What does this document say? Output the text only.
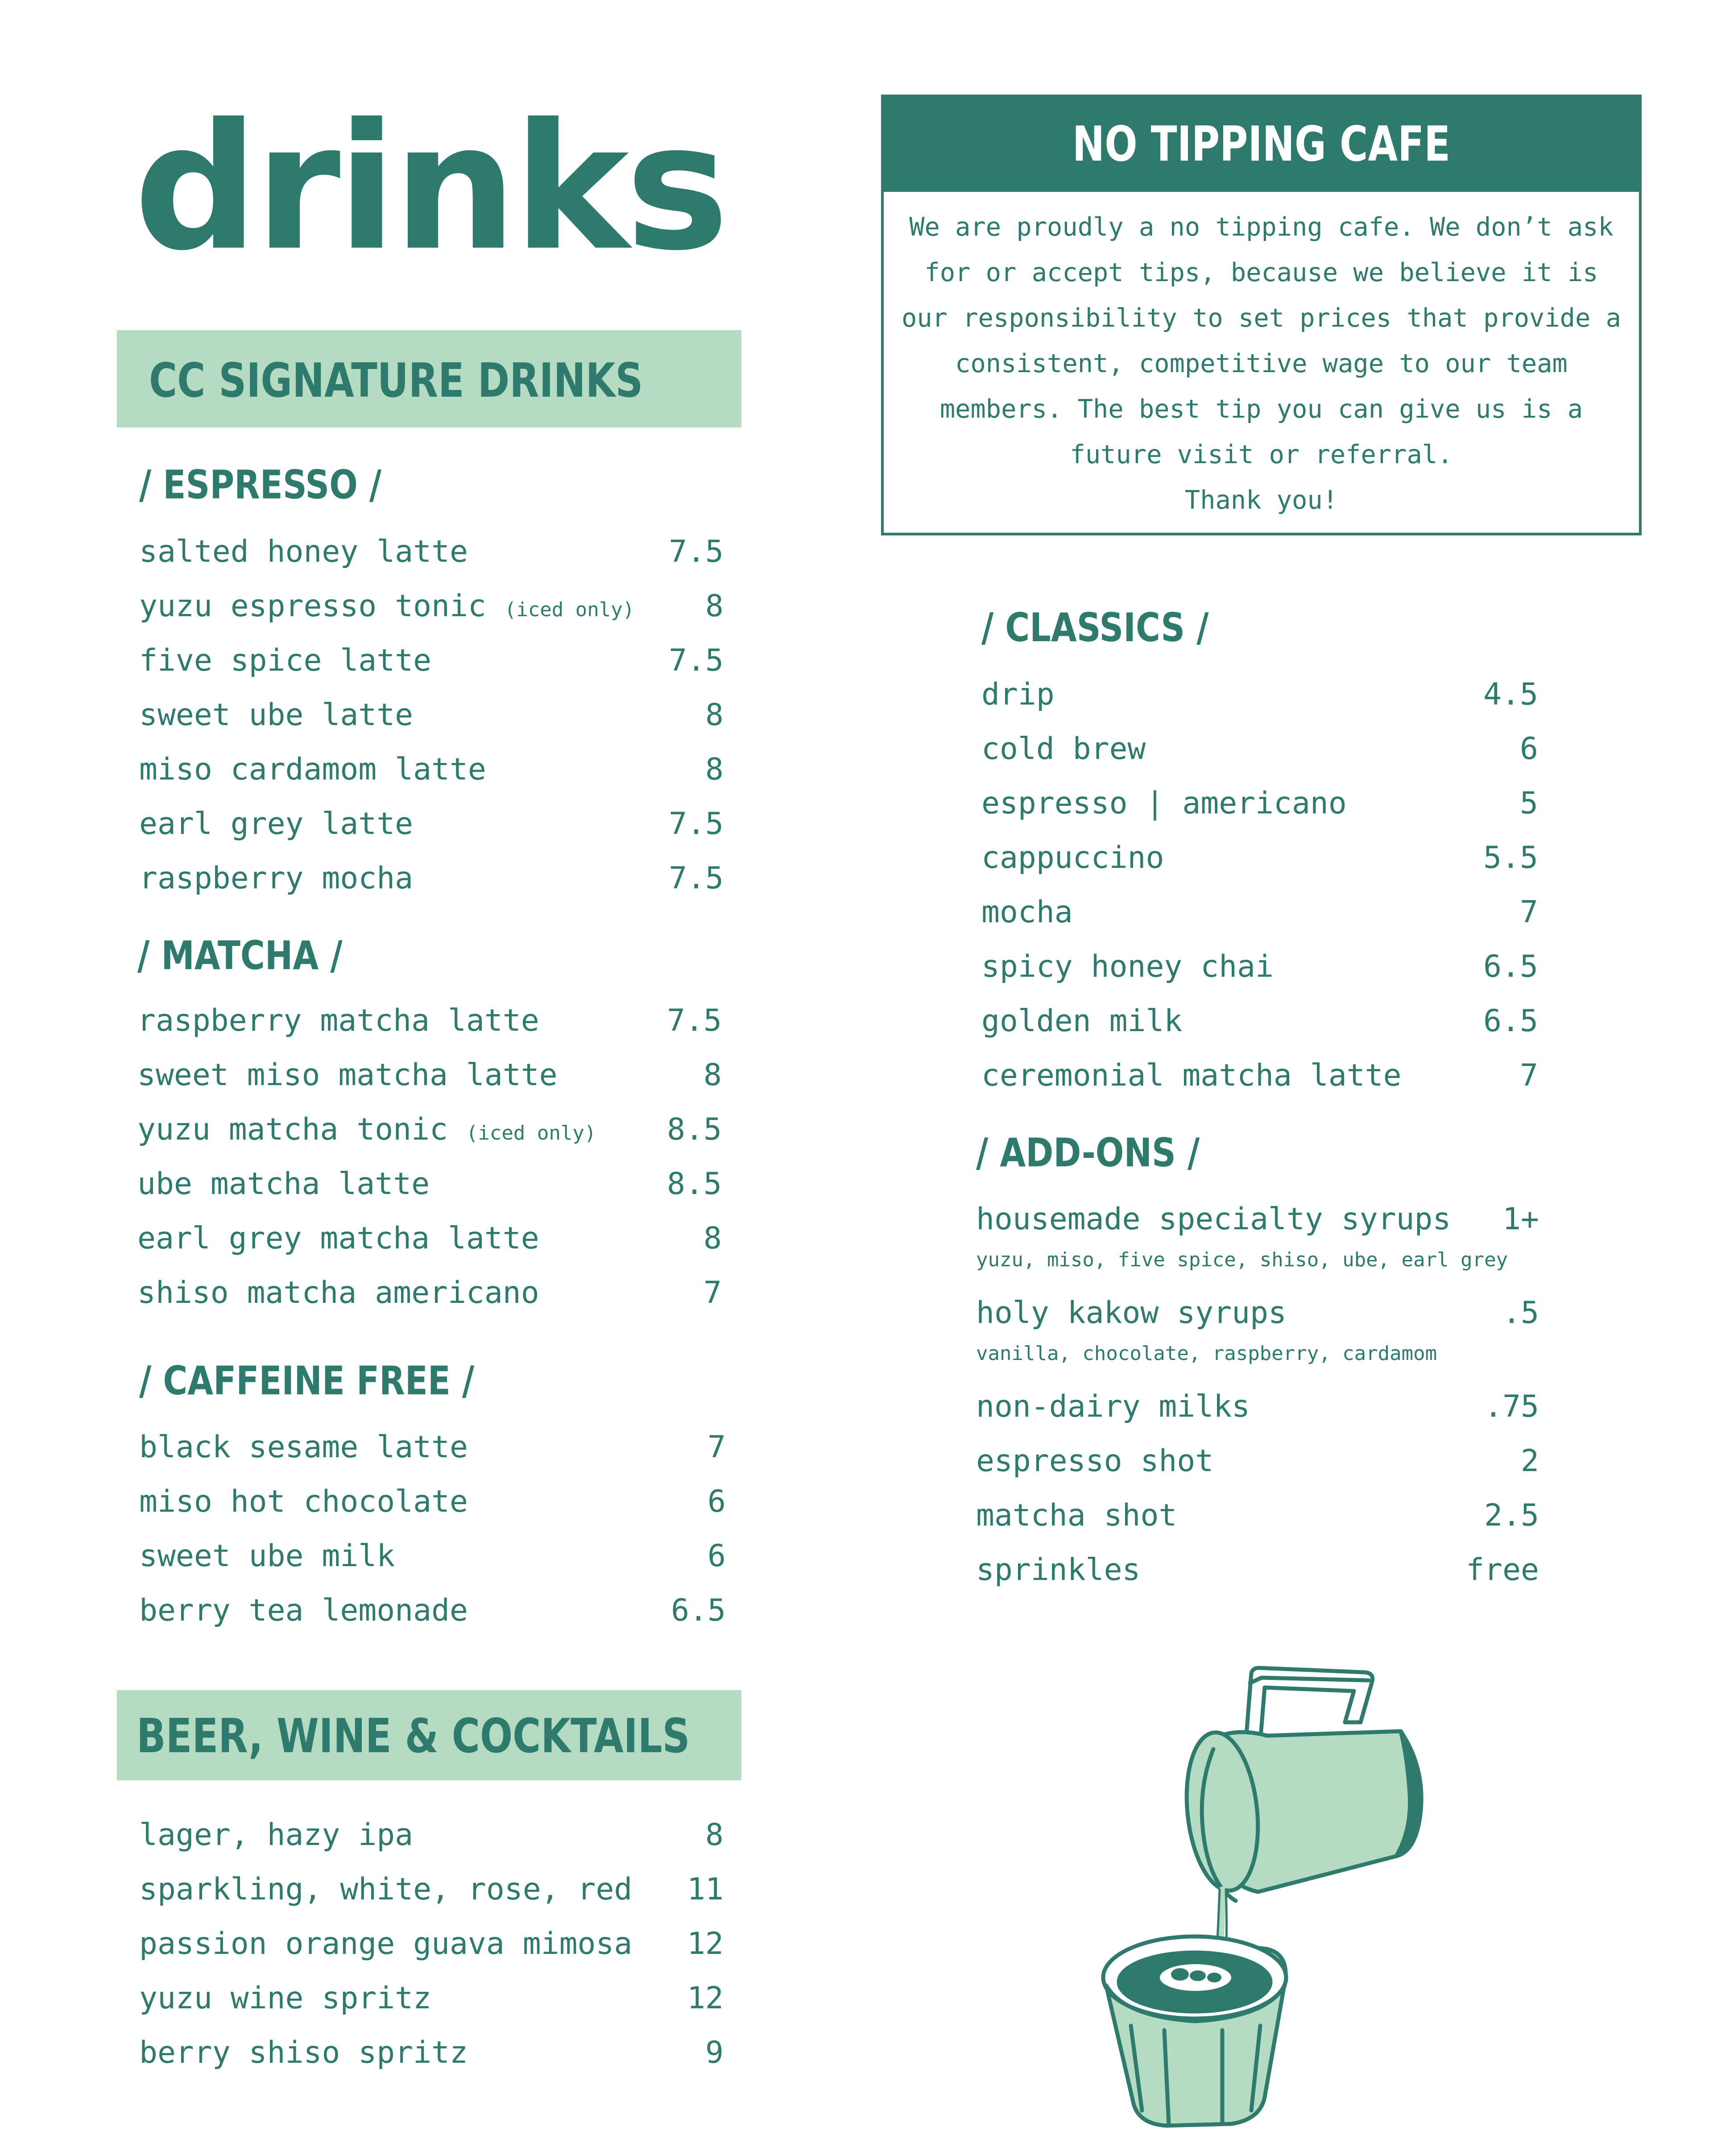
drinks
CC SIGNATURE DRINKS
/ ESPRESSO /
salted honey latte	7.5
yuzu espresso tonic (iced only) 8
five spice latte	7.5
sweet ube latte	8
miso cardamom latte	8
earl grey latte	7.5
raspberry mocha	7.5
/ MATCHA /
raspberry matcha latte	7.5
sweet miso matcha latte	8
yuzu matcha tonic (iced only) 8.5
ube matcha latte	8.5
earl grey matcha latte	8
shiso matcha americano	7
/ CAFFEINE FREE /
black sesame latte	7
miso hot chocolate	6
sweet ube milk	6
berry tea lemonade	6.5
BEER, WINE & COCKTAILS
lager, hazy ipa	8
sparkling, white, rose, red 11
passion orange guava mimosa 12
yuzu wine spritz	12
berry shiso spritz	9
NO TIPPING CAFE
We are proudly a no tipping cafe. We don’t ask
for or accept tips, because we believe it is
our responsibility to set prices that provide a
consistent, competitive wage to our team
members. The best tip you can give us is a
future visit or referral.

Thank you!
/ CLASSICS /
drip	4.5
cold brew	6
espresso | americano	5
cappuccino	5.5
mocha	7
spicy honey chai	6.5
golden milk	6.5
ceremonial matcha latte	7
/ ADD-ONS /
housemade specialty syrups 1+
yuzu, miso, five spice, shiso, ube, earl grey
holy kakow syrups	.5
vanilla, chocolate, raspberry, cardamom
non-dairy milks	.75
espresso shot	2
matcha shot	2.5
sprinkles	free
